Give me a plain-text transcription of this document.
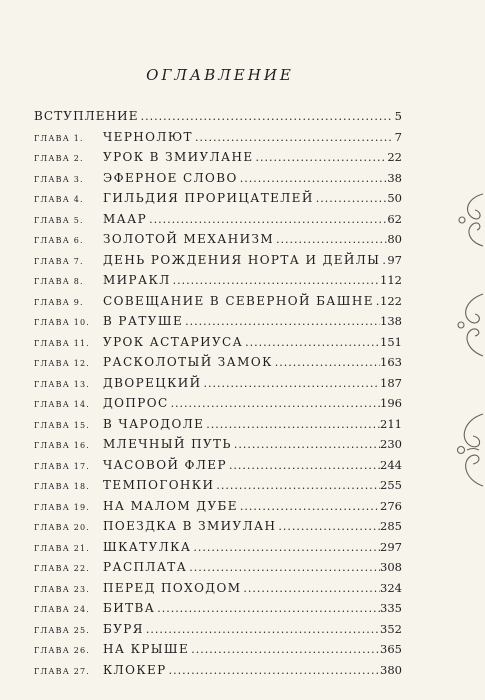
ОГЛАВЛЕНИЕ
ВСТУПЛЕНИЕ .....	5
ГЛАВА 1.	ЧЕРНОЛЮТ .....	7
ГЛАВА 2.	УРОК В ЗМИУЛАНЕ .....	22
ГЛАВА 3.	ЭФЕРНОЕ СЛОВО .....	38
ГЛАВА 4.	ГИЛЬДИЯ ПРОРИЦАТЕЛЕЙ .....	50
ГЛАВА 5.	МААР .....	62
ГЛАВА 6.	ЗОЛОТОЙ МЕХАНИЗМ .....	80
ГЛАВА 7.	ДЕНЬ РОЖДЕНИЯ НОРТА И ДЕЙЛЫ ..... 97
ГЛАВА 8.	МИРАКЛ .....	112
ГЛАВА 9.	СОВЕЩАНИЕ В СЕВЕРНОЙ БАШНЕ ..... 122
ГЛАВА 10.	В РАТУШЕ .....	138
ГЛАВА 11.	УРОК АСТАРИУСА .....	151
ГЛАВА 12.	РАСКОЛОТЫЙ ЗАМОК .....	163
ГЛАВА 13.	ДВОРЕЦКИЙ .....	187
ГЛАВА 14.	ДОПРОС .....	196
ГЛАВА 15.	В ЧАРОДОЛЕ .....	211
ГЛАВА 16.	МЛЕЧНЫЙ ПУТЬ .....	230
ГЛАВА 17.	ЧАСОВОЙ ФЛЕР .....	244
ГЛАВА 18.	ТЕМПОГОНКИ .....	255
ГЛАВА 19.	НА МАЛОМ ДУБЕ .....	276
ГЛАВА 20.	ПОЕЗДКА В ЗМИУЛАН .....	285
ГЛАВА 21.	ШКАТУЛКА .....	297
ГЛАВА 22.	РАСПЛАТА .....	308
ГЛАВА 23.	ПЕРЕД ПОХОДОМ .....	324
ГЛАВА 24.	БИТВА .....	335
ГЛАВА 25.	БУРЯ .....	352
ГЛАВА 26.	НА КРЫШЕ .....	365
ГЛАВА 27.	КЛОКЕР .....	380
